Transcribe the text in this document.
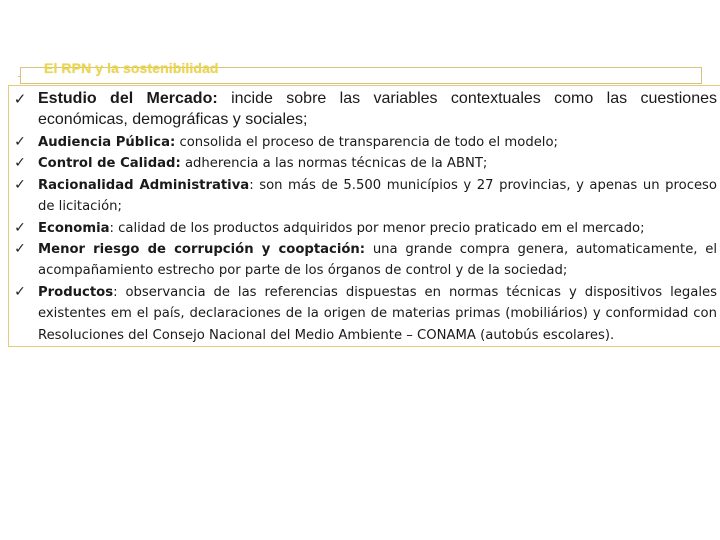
El RPN y la sostenibilidad
✓ Estudio del Mercado: incide sobre las variables contextuales como las cuestiones económicas, demográficas y sociales;
✓ Audiencia Pública: consolida el proceso de transparencia de todo el modelo;
✓ Control de Calidad: adherencia a las normas técnicas de la ABNT;
✓ Racionalidad Administrativa: son más de 5.500 municípios y 27 provincias, y apenas un proceso de licitación;
✓ Economia: calidad de los productos adquiridos por menor precio praticado em el mercado;
✓ Menor riesgo de corrupción y cooptación: una grande compra genera, automaticamente, el acompañamiento estrecho por parte de los órganos de control y de la sociedad;
✓ Productos: observancia de las referencias dispuestas en normas técnicas y dispositivos legales existentes em el país, declaraciones de la origen de materias primas (mobiliários) y conformidad con Resoluciones del Consejo Nacional del Medio Ambiente – CONAMA (autobús escolares).
